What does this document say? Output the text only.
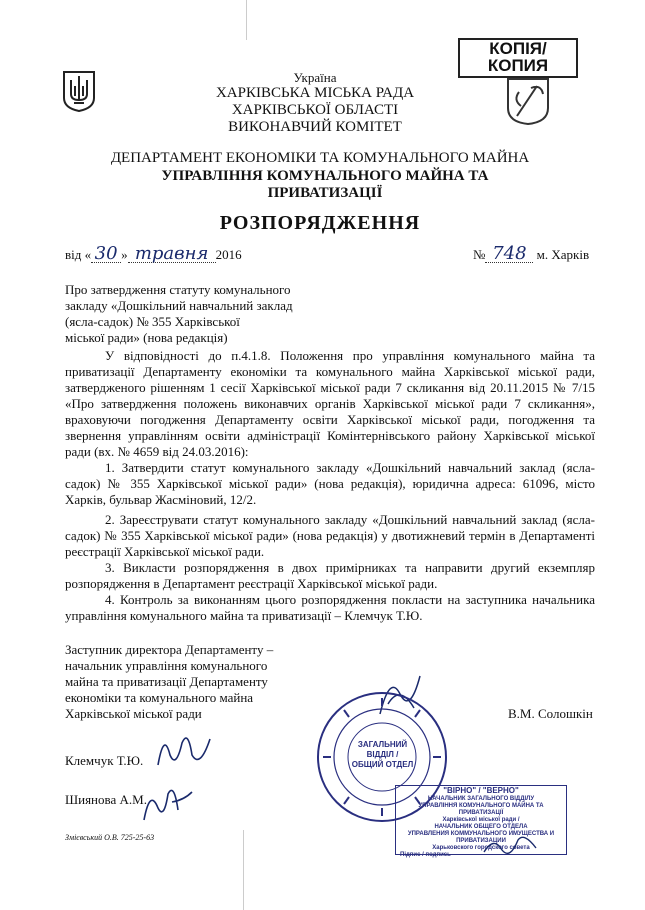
КОПІЯ/
КОПИЯ
Україна
ХАРКІВСЬКА МІСЬКА РАДА
ХАРКІВСЬКОЇ ОБЛАСТІ
ВИКОНАВЧИЙ КОМІТЕТ
ДЕПАРТАМЕНТ ЕКОНОМІКИ ТА КОМУНАЛЬНОГО МАЙНА
УПРАВЛІННЯ КОМУНАЛЬНОГО МАЙНА ТА
ПРИВАТИЗАЦІЇ
РОЗПОРЯДЖЕННЯ
від « 30 » травня 2016	№ 748 м. Харків
Про затвердження статуту комунального
закладу «Дошкільний навчальний заклад
(ясла-садок) № 355 Харківської
міської ради» (нова редакція)
У відповідності до п.4.1.8. Положення про управління комунального майна та приватизації Департаменту економіки та комунального майна Харківської міської ради, затвердженого рішенням 1 сесії Харківської міської ради 7 скликання від 20.11.2015 № 7/15 «Про затвердження положень виконавчих органів Харківської міської ради 7 скликання», враховуючи погодження Департаменту освіти Харківської міської ради, погодження та звернення управлінням освіти адміністрації Комінтернівського району Харківської міської ради (вх. № 4659 від 24.03.2016):
1. Затвердити статут комунального закладу «Дошкільний навчальний заклад (ясла-садок) № 355 Харківської міської ради» (нова редакція), юридична адреса: 61096, місто Харків, бульвар Жасміновий, 12/2.
2. Зареєструвати статут комунального закладу «Дошкільний навчальний заклад (ясла-садок) № 355 Харківської міської ради» (нова редакція) у двотижневий термін в Департаменті реєстрації Харківської міської ради.
3. Викласти розпорядження в двох примірниках та направити другий екземпляр розпорядження в Департамент реєстрації Харківської міської ради.
4. Контроль за виконанням цього розпорядження покласти на заступника начальника управління комунального майна та приватизації – Клемчук Т.Ю.
Заступник директора Департаменту –
начальник управління комунального
майна та приватизації Департаменту
економіки та комунального майна
Харківської міської ради	В.М. Солошкін
Клемчук Т.Ю.
Шиянова А.М.
Змієвський О.В. 725-25-63
ЗАГАЛЬНИЙ
ВІДДІЛ /
ОБЩИЙ ОТДЕЛ
"ВІРНО" / "ВЕРНО"
НАЧАЛЬНИК ЗАГАЛЬНОГО ВІДДІЛУ
УПРАВЛІННЯ КОМУНАЛЬНОГО МАЙНА ТА ПРИВАТИЗАЦІЇ
Харківської міської ради /
НАЧАЛЬНИК ОБЩЕГО ОТДЕЛА
УПРАВЛЕНИЯ КОММУНАЛЬНОГО ИМУЩЕСТВА И ПРИВАТИЗАЦИИ
Харьковского городского совета
Підпис / подпись
